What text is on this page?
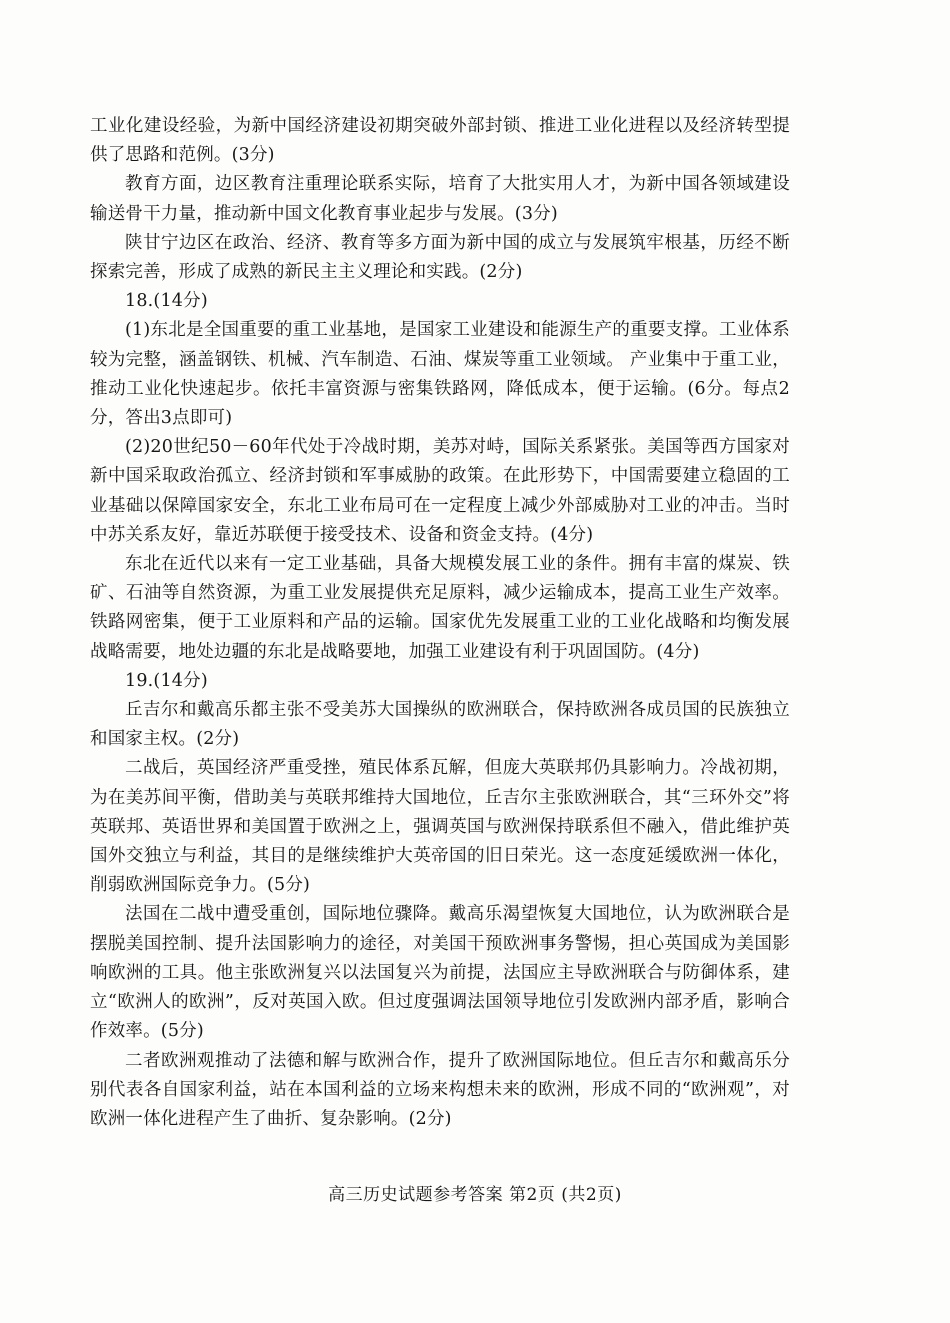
工业化建设经验，为新中国经济建设初期突破外部封锁、推进工业化进程以及经济转型提供了思路和范例。(3分)

教育方面，边区教育注重理论联系实际，培育了大批实用人才，为新中国各领域建设输送骨干力量，推动新中国文化教育事业起步与发展。(3分)

陕甘宁边区在政治、经济、教育等多方面为新中国的成立与发展筑牢根基，历经不断探索完善，形成了成熟的新民主主义理论和实践。(2分)

18.(14分)

(1)东北是全国重要的重工业基地，是国家工业建设和能源生产的重要支撑。工业体系较为完整，涵盖钢铁、机械、汽车制造、石油、煤炭等重工业领域。 产业集中于重工业，推动工业化快速起步。依托丰富资源与密集铁路网，降低成本，便于运输。(6分。每点2分，答出3点即可)

(2)20世纪50－60年代处于冷战时期，美苏对峙，国际关系紧张。美国等西方国家对新中国采取政治孤立、经济封锁和军事威胁的政策。在此形势下，中国需要建立稳固的工业基础以保障国家安全，东北工业布局可在一定程度上减少外部威胁对工业的冲击。当时中苏关系友好，靠近苏联便于接受技术、设备和资金支持。(4分)

东北在近代以来有一定工业基础，具备大规模发展工业的条件。拥有丰富的煤炭、铁矿、石油等自然资源，为重工业发展提供充足原料，减少运输成本，提高工业生产效率。铁路网密集，便于工业原料和产品的运输。国家优先发展重工业的工业化战略和均衡发展战略需要，地处边疆的东北是战略要地，加强工业建设有利于巩固国防。(4分)

19.(14分)

丘吉尔和戴高乐都主张不受美苏大国操纵的欧洲联合，保持欧洲各成员国的民族独立和国家主权。(2分)

二战后，英国经济严重受挫，殖民体系瓦解，但庞大英联邦仍具影响力。冷战初期，为在美苏间平衡，借助美与英联邦维持大国地位，丘吉尔主张欧洲联合，其“三环外交”将英联邦、英语世界和美国置于欧洲之上，强调英国与欧洲保持联系但不融入，借此维护英国外交独立与利益，其目的是继续维护大英帝国的旧日荣光。这一态度延缓欧洲一体化，削弱欧洲国际竞争力。(5分)

法国在二战中遭受重创，国际地位骤降。戴高乐渴望恢复大国地位，认为欧洲联合是摆脱美国控制、提升法国影响力的途径，对美国干预欧洲事务警惕，担心英国成为美国影响欧洲的工具。他主张欧洲复兴以法国复兴为前提，法国应主导欧洲联合与防御体系，建立“欧洲人的欧洲”，反对英国入欧。但过度强调法国领导地位引发欧洲内部矛盾，影响合作效率。(5分)

二者欧洲观推动了法德和解与欧洲合作，提升了欧洲国际地位。但丘吉尔和戴高乐分别代表各自国家利益，站在本国利益的立场来构想未来的欧洲，形成不同的“欧洲观”，对欧洲一体化进程产生了曲折、复杂影响。(2分)

高三历史试题参考答案 第2页 (共2页)
